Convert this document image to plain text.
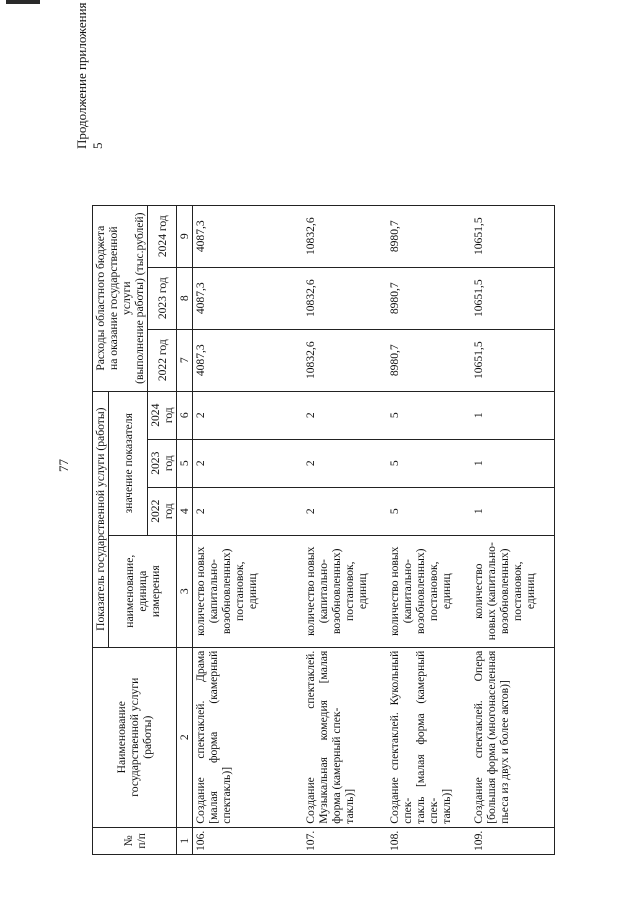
77
Продолжение приложения 5
№
п/п	Наименование
государственной услуги
(работы)	Показатель государственной услуги (работы)				Расходы областного бюджета
на оказание государственной услуги
(выполнение работы) (тыс.рублей)		
		наименование,
единица
измерения	значение показателя					
			2022 год	2023 год	2024 год	2022 год	2023 год	2024 год
1	2	3	4	5	6	7	8	9
106.	Создание спектаклей. Драма [малая форма (камерный спектакль)]	количество новых
(капитально-
возобновленных)
постановок,
единиц	2	2	2	4087,3	4087,3	4087,3
107.	Создание спектаклей. Музыкальная комедия [малая форма (камерный спек-
такль)]	количество новых
(капитально-
возобновленных)
постановок,
единиц	2	2	2	10832,6	10832,6	10832,6
108.	Создание спектаклей. Кукольный спек-
такль [малая форма (камерный спек-
такль)]	количество новых
(капитально-
возобновленных)
постановок,
единиц	5	5	5	8980,7	8980,7	8980,7
109.	Создание спектаклей. Опера [большая форма (многонаселенная пьеса из двух и более актов)]	количество
новых (капитально-
возобновленных)
постановок,
единиц	1	1	1	10651,5	10651,5	10651,5
